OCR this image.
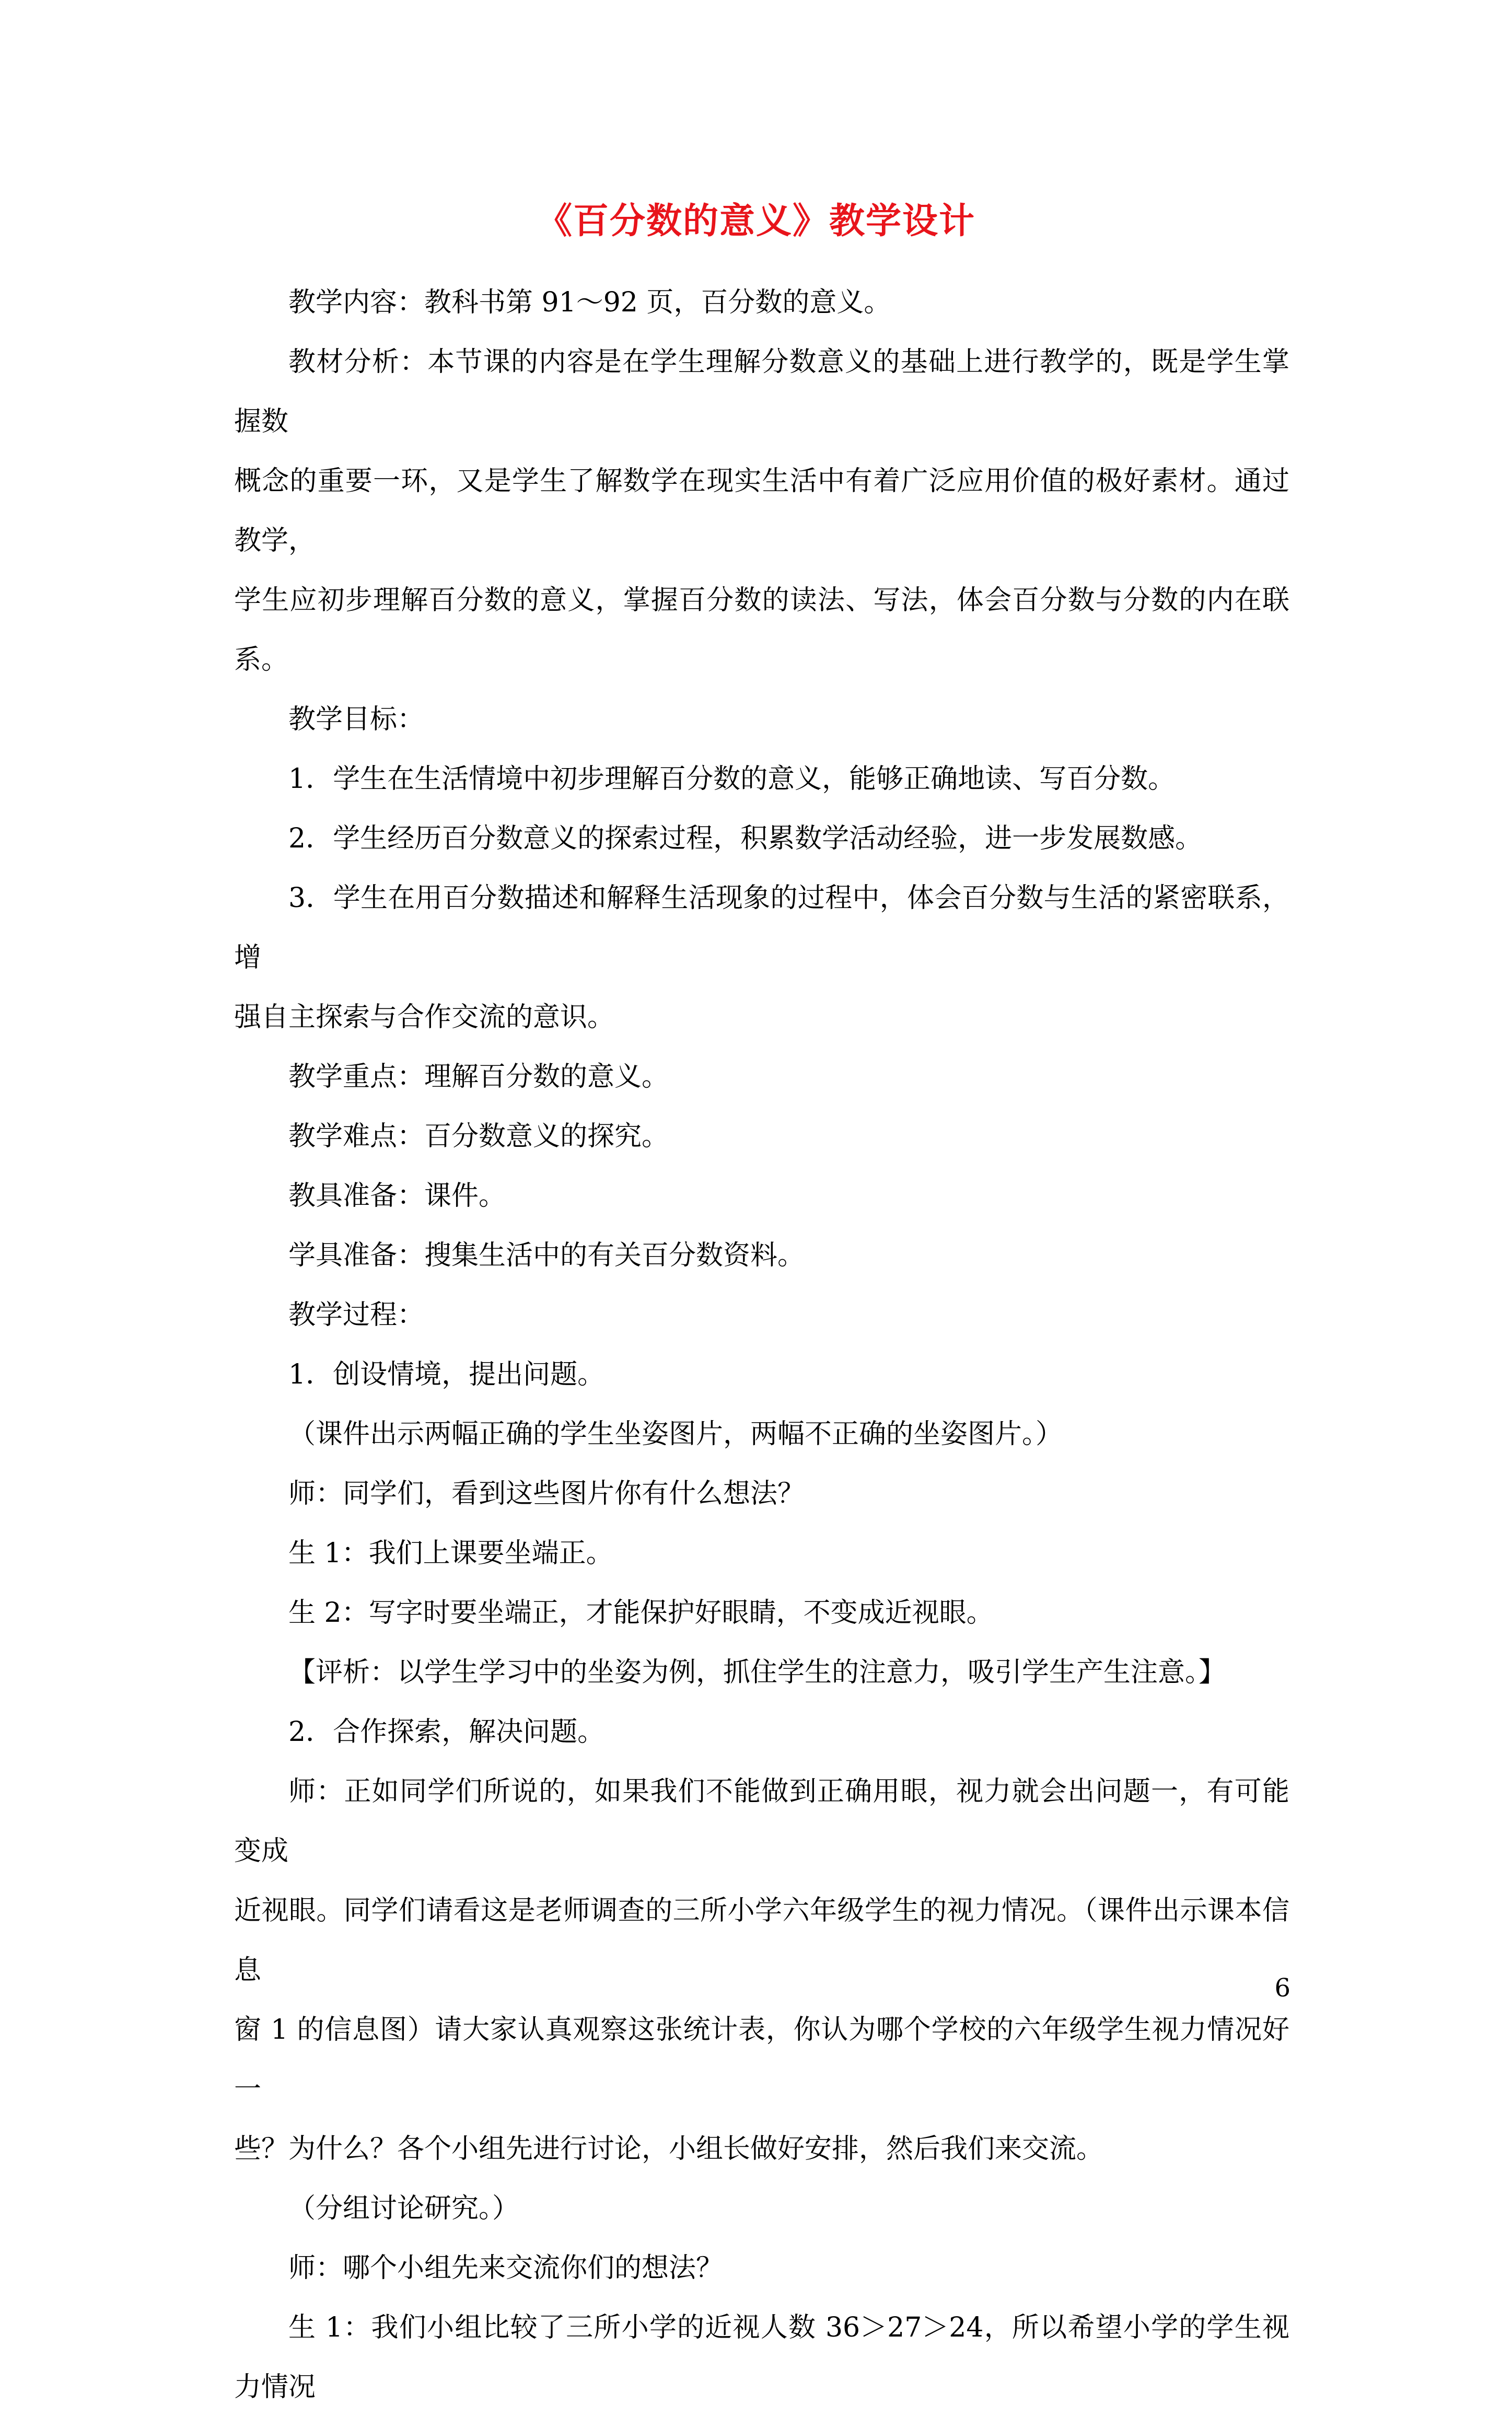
《百分数的意义》教学设计

教学内容：教科书第 91～92 页，百分数的意义。

教材分析：本节课的内容是在学生理解分数意义的基础上进行教学的，既是学生掌握数

概念的重要一环，又是学生了解数学在现实生活中有着广泛应用价值的极好素材。通过教学，

学生应初步理解百分数的意义，掌握百分数的读法、写法，体会百分数与分数的内在联系。

教学目标：

1．学生在生活情境中初步理解百分数的意义，能够正确地读、写百分数。

2．学生经历百分数意义的探索过程，积累数学活动经验，进一步发展数感。

3．学生在用百分数描述和解释生活现象的过程中，体会百分数与生活的紧密联系，增

强自主探索与合作交流的意识。

教学重点：理解百分数的意义。

教学难点：百分数意义的探究。

教具准备：课件。

学具准备：搜集生活中的有关百分数资料。

教学过程：

1．创设情境，提出问题。

（课件出示两幅正确的学生坐姿图片，两幅不正确的坐姿图片。）

师：同学们，看到这些图片你有什么想法？

生 1：我们上课要坐端正。

生 2：写字时要坐端正，才能保护好眼睛，不变成近视眼。

【评析：以学生学习中的坐姿为例，抓住学生的注意力，吸引学生产生注意。】

2．合作探索，解决问题。

师：正如同学们所说的，如果我们不能做到正确用眼，视力就会出问题一，有可能变成

近视眼。同学们请看这是老师调查的三所小学六年级学生的视力情况。（课件出示课本信息

窗 1 的信息图）请大家认真观察这张统计表，你认为哪个学校的六年级学生视力情况好一

些？为什么？各个小组先进行讨论，小组长做好安排，然后我们来交流。

（分组讨论研究。）

师：哪个小组先来交流你们的想法？

生 1：我们小组比较了三所小学的近视人数 36＞27＞24，所以希望小学的学生视力情况

6
